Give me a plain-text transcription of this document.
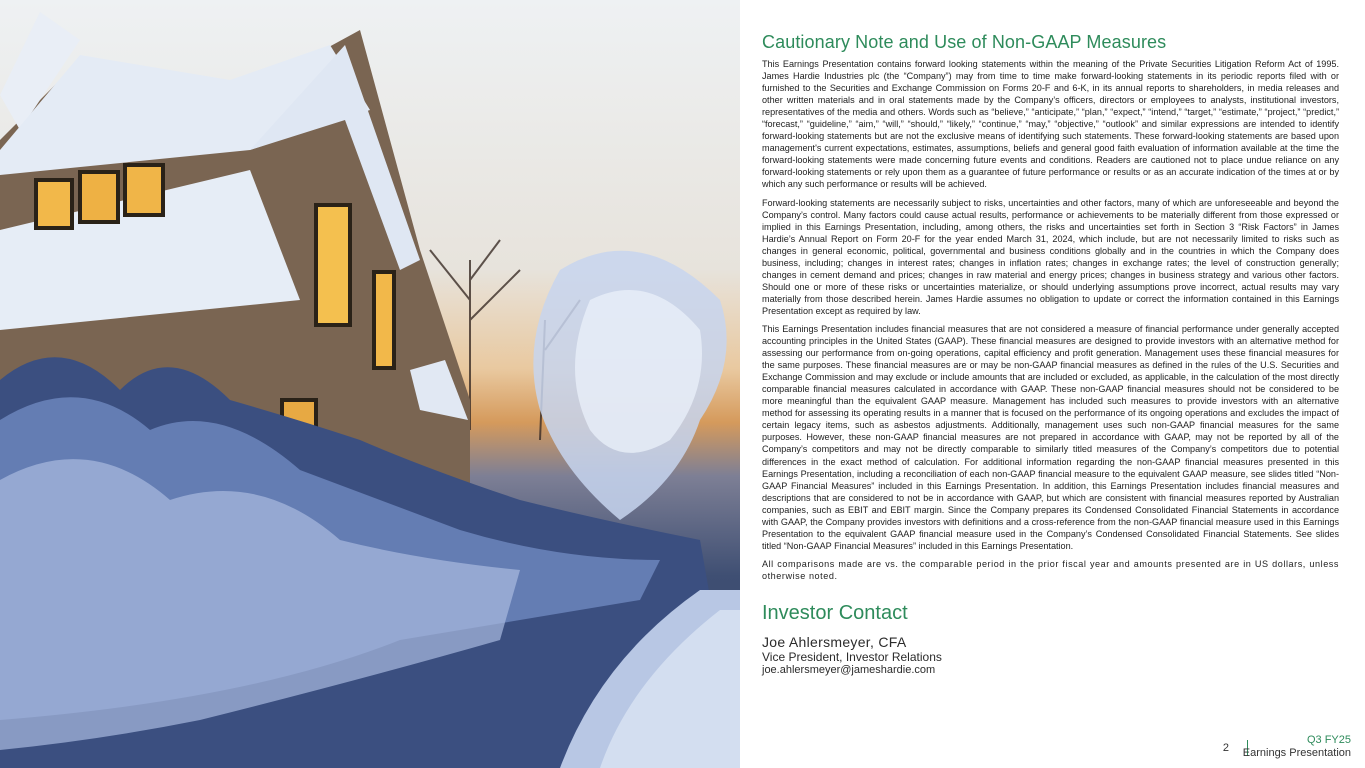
Cautionary Note and Use of Non-GAAP Measures

This Earnings Presentation contains forward looking statements within the meaning of the Private Securities Litigation Reform Act of 1995. James Hardie Industries plc (the “Company”) may from time to time make forward-looking statements in its periodic reports filed with or furnished to the Securities and Exchange Commission on Forms 20-F and 6-K, in its annual reports to shareholders, in media releases and other written materials and in oral statements made by the Company’s officers, directors or employees to analysts, institutional investors, representatives of the media and others. Words such as “believe,” “anticipate,” “plan,” “expect,” “intend,” “target,” “estimate,” “project,” “predict,” “forecast,” “guideline,” “aim,” “will,” “should,” “likely,” “continue,” “may,” “objective,” “outlook” and similar expressions are intended to identify forward-looking statements but are not the exclusive means of identifying such statements. These forward-looking statements are based upon management's current expectations, estimates, assumptions, beliefs and general good faith evaluation of information available at the time the forward-looking statements were made concerning future events and conditions. Readers are cautioned not to place undue reliance on any forward-looking statements or rely upon them as a guarantee of future performance or results or as an accurate indication of the times at or by which any such performance or results will be achieved.

Forward-looking statements are necessarily subject to risks, uncertainties and other factors, many of which are unforeseeable and beyond the Company’s control. Many factors could cause actual results, performance or achievements to be materially different from those expressed or implied in this Earnings Presentation, including, among others, the risks and uncertainties set forth in Section 3 “Risk Factors” in James Hardie’s Annual Report on Form 20-F for the year ended March 31, 2024, which include, but are not necessarily limited to risks such as changes in general economic, political, governmental and business conditions globally and in the countries in which the Company does business, including; changes in interest rates; changes in inflation rates; changes in exchange rates; the level of construction generally; changes in cement demand and prices; changes in raw material and energy prices; changes in business strategy and various other factors. Should one or more of these risks or uncertainties materialize, or should underlying assumptions prove incorrect, actual results may vary materially from those described herein. James Hardie assumes no obligation to update or correct the information contained in this Earnings Presentation except as required by law.

This Earnings Presentation includes financial measures that are not considered a measure of financial performance under generally accepted accounting principles in the United States (GAAP). These financial measures are designed to provide investors with an alternative method for assessing our performance from on-going operations, capital efficiency and profit generation. Management uses these financial measures for the same purposes. These financial measures are or may be non-GAAP financial measures as defined in the rules of the U.S. Securities and Exchange Commission and may exclude or include amounts that are included or excluded, as applicable, in the calculation of the most directly comparable financial measures calculated in accordance with GAAP. These non-GAAP financial measures should not be considered to be more meaningful than the equivalent GAAP measure. Management has included such measures to provide investors with an alternative method for assessing its operating results in a manner that is focused on the performance of its ongoing operations and excludes the impact of certain legacy items, such as asbestos adjustments. Additionally, management uses such non-GAAP financial measures for the same purposes. However, these non-GAAP financial measures are not prepared in accordance with GAAP, may not be reported by all of the Company’s competitors and may not be directly comparable to similarly titled measures of the Company’s competitors due to potential differences in the exact method of calculation. For additional information regarding the non-GAAP financial measures presented in this Earnings Presentation, including a reconciliation of each non-GAAP financial measure to the equivalent GAAP measure, see slides titled “Non-GAAP Financial Measures” included in this Earnings Presentation. In addition, this Earnings Presentation includes financial measures and descriptions that are considered to not be in accordance with GAAP, but which are consistent with financial measures reported by Australian companies, such as EBIT and EBIT margin. Since the Company prepares its Condensed Consolidated Financial Statements in accordance with GAAP, the Company provides investors with definitions and a cross-reference from the non-GAAP financial measure used in this Earnings Presentation to the equivalent GAAP financial measure used in the Company’s Condensed Consolidated Financial Statements. See slides titled “Non-GAAP Financial Measures” included in this Earnings Presentation.

All comparisons made are vs. the comparable period in the prior fiscal year and amounts presented are in US dollars, unless otherwise noted.

Investor Contact

Joe Ahlersmeyer, CFA

Vice President, Investor Relations

joe.ahlersmeyer@jameshardie.com

2
Q3 FY25
Earnings Presentation
